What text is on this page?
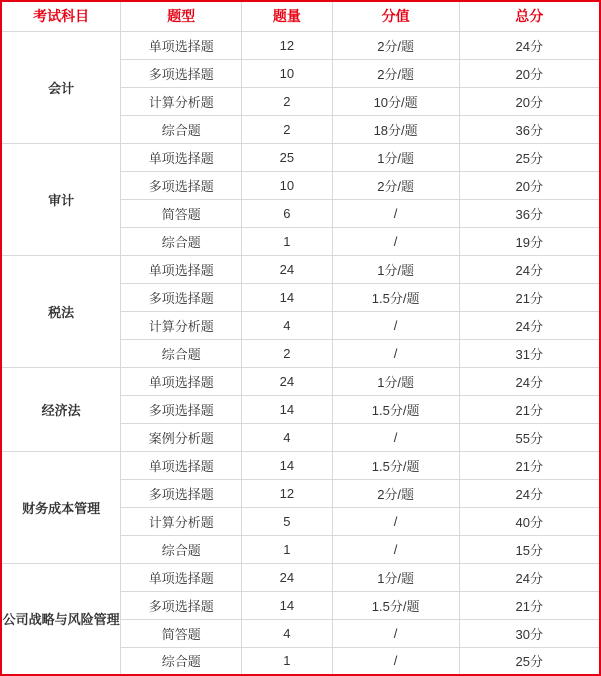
考试科目	题型	题量	分值	总分
会计	单项选择题	12	2分/题	24分
	多项选择题	10	2分/题	20分
	计算分析题	2	10分/题	20分
	综合题	2	18分/题	36分
审计	单项选择题	25	1分/题	25分
	多项选择题	10	2分/题	20分
	简答题	6	/	36分
	综合题	1	/	19分
税法	单项选择题	24	1分/题	24分
	多项选择题	14	1.5分/题	21分
	计算分析题	4	/	24分
	综合题	2	/	31分
经济法	单项选择题	24	1分/题	24分
	多项选择题	14	1.5分/题	21分
	案例分析题	4	/	55分
财务成本管理	单项选择题	14	1.5分/题	21分
	多项选择题	12	2分/题	24分
	计算分析题	5	/	40分
	综合题	1	/	15分
公司战略与风险管理	单项选择题	24	1分/题	24分
	多项选择题	14	1.5分/题	21分
	简答题	4	/	30分
	综合题	1	/	25分
